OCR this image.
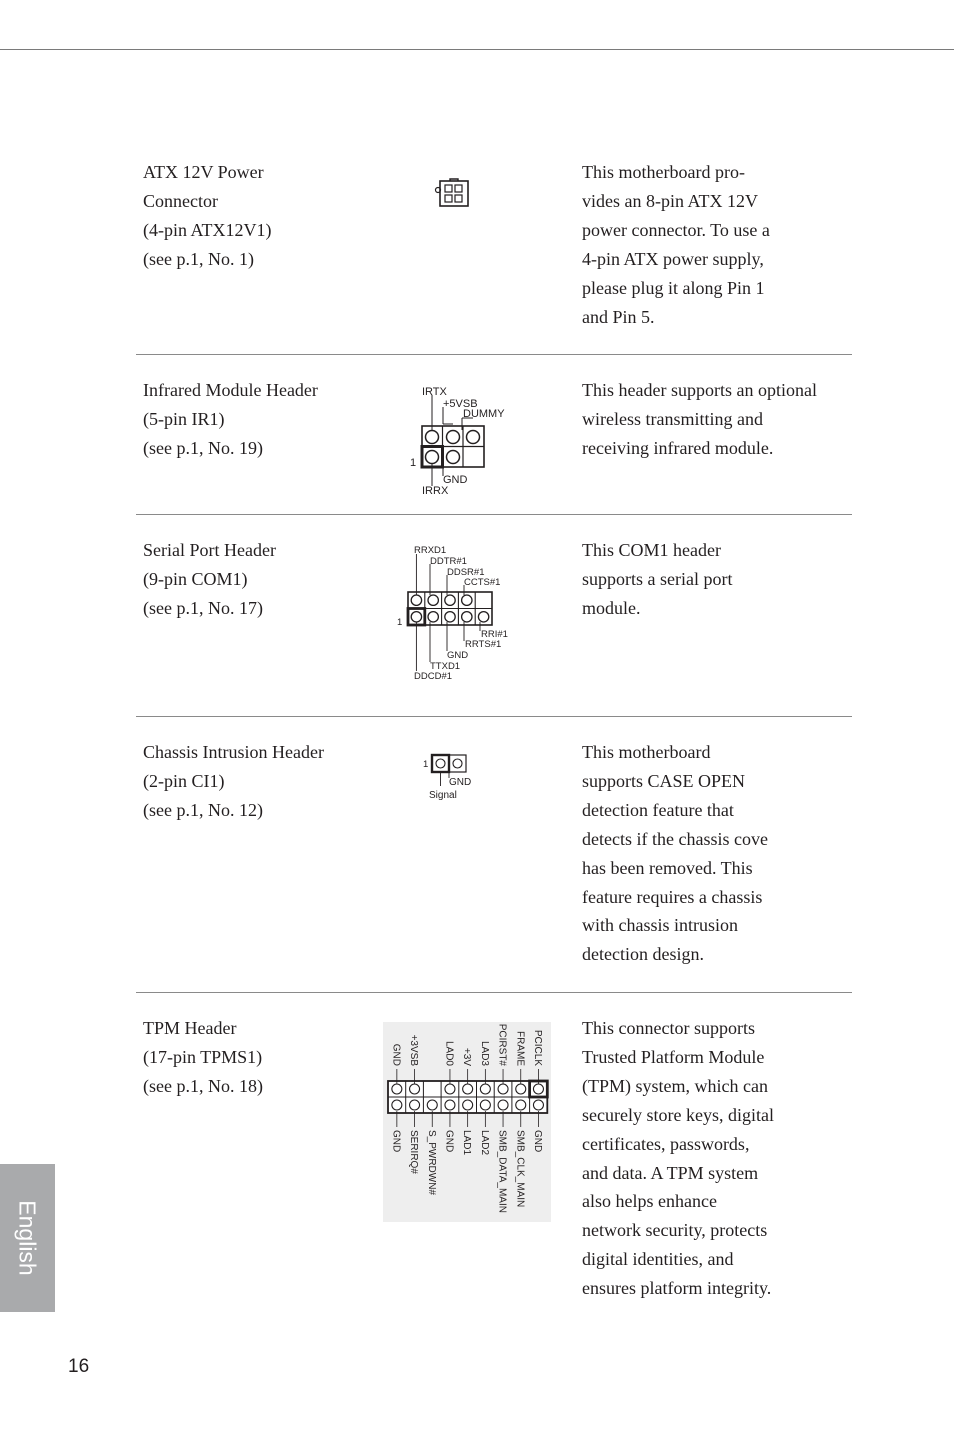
ATX 12V Power
Connector
(4-pin ATX12V1)
(see p.1, No. 1)
This motherboard pro-
vides an 8-pin ATX 12V
power connector. To use a
4-pin ATX power supply,
please plug it along Pin 1
and Pin 5.
Infrared Module Header
(5-pin IR1)
(see p.1, No. 19)
IRTX
+5VSB
DUMMY
1
GND
IRRX
This header supports an optional
wireless transmitting and
receiving infrared module.
Serial Port Header
(9-pin COM1)
(see p.1, No. 17)
RRXD1
DDTR#1
DDSR#1
CCTS#1
1
RRI#1
RRTS#1
GND
TTXD1
DDCD#1
This COM1 header
supports a serial port
module.
Chassis Intrusion Header
(2-pin CI1)
(see p.1, No. 12)
1
GND
Signal
This motherboard
supports CASE OPEN
detection feature that
detects if the chassis cove
has been removed. This
feature requires a chassis
with chassis intrusion
detection design.
TPM Header
(17-pin TPMS1)
(see p.1, No. 18)
GND +3VSB LAD0 +3V LAD3 PCIRST# FRAME PCICLK
GND SERIRQ# S_PWRDWN# GND LAD1 LAD2 SMB_DATA_MAIN SMB_CLK_MAIN GND
This connector supports
Trusted Platform Module
(TPM) system, which can
securely store keys, digital
certificates, passwords,
and data. A TPM system
also helps enhance
network security, protects
digital identities, and
ensures platform integrity.
English
16
